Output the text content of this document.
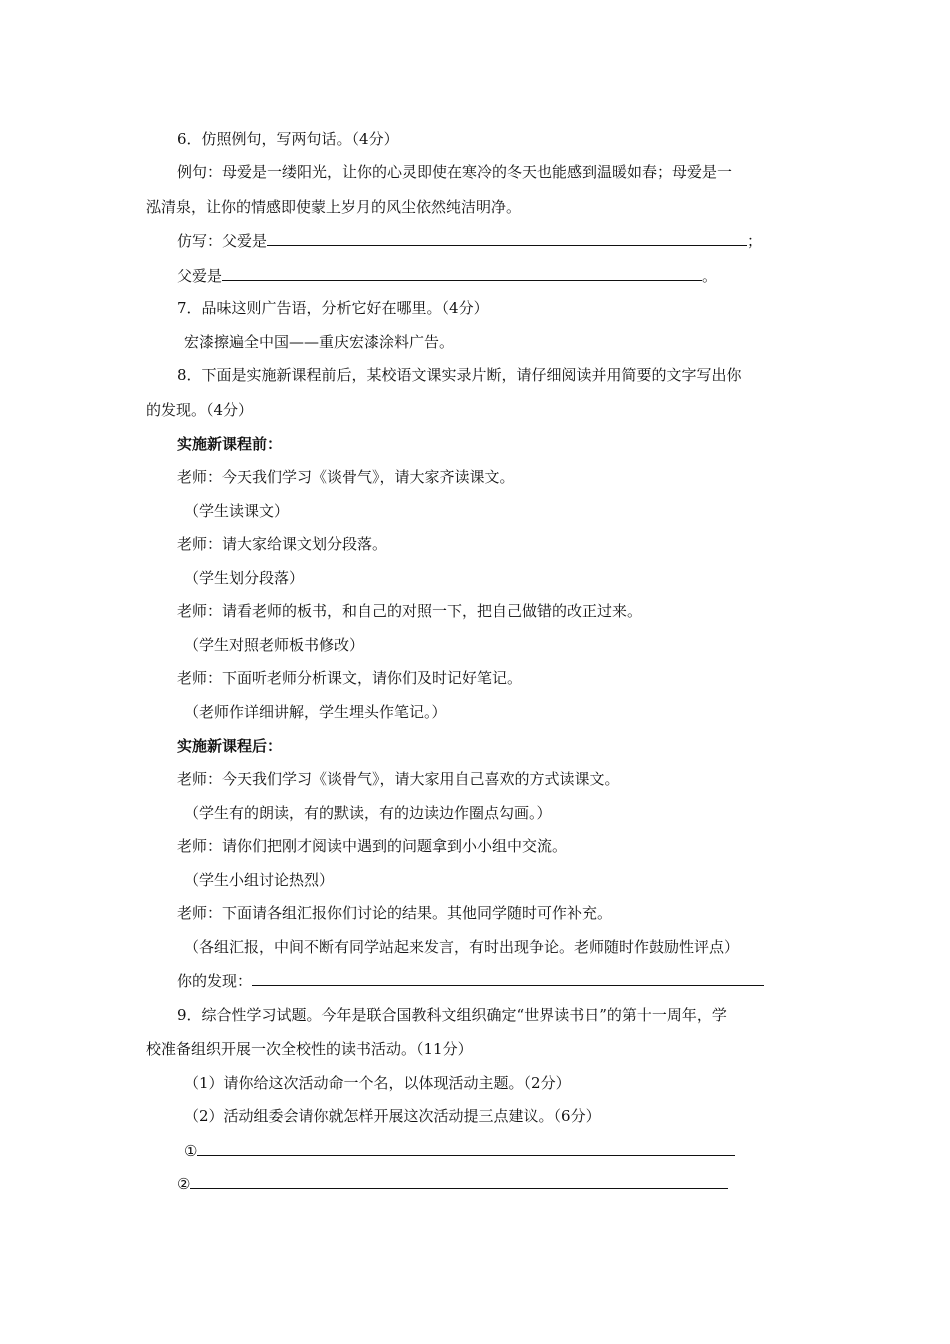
6．仿照例句，写两句话。（4分）
例句：母爱是一缕阳光，让你的心灵即使在寒冷的冬天也能感到温暖如春；母爱是一
泓清泉，让你的情感即使蒙上岁月的风尘依然纯洁明净。
仿写：父爱是	；
父爱是	。
7．品味这则广告语，分析它好在哪里。（4分）
宏漆擦遍全中国——重庆宏漆涂料广告。
8．下面是实施新课程前后，某校语文课实录片断，请仔细阅读并用简要的文字写出你
的发现。（4分）
实施新课程前：
老师：今天我们学习《谈骨气》，请大家齐读课文。
（学生读课文）
老师：请大家给课文划分段落。
（学生划分段落）
老师：请看老师的板书，和自己的对照一下，把自己做错的改正过来。
（学生对照老师板书修改）
老师：下面听老师分析课文，请你们及时记好笔记。
（老师作详细讲解，学生埋头作笔记。）
实施新课程后：
老师：今天我们学习《谈骨气》，请大家用自己喜欢的方式读课文。
（学生有的朗读，有的默读，有的边读边作圈点勾画。）
老师：请你们把刚才阅读中遇到的问题拿到小小组中交流。
（学生小组讨论热烈）
老师：下面请各组汇报你们讨论的结果。其他同学随时可作补充。
（各组汇报，中间不断有同学站起来发言，有时出现争论。老师随时作鼓励性评点）
你的发现：
9．综合性学习试题。今年是联合国教科文组织确定“世界读书日”的第十一周年，学
校准备组织开展一次全校性的读书活动。（11分）
（1）请你给这次活动命一个名，以体现活动主题。（2分）
（2）活动组委会请你就怎样开展这次活动提三点建议。（6分）
①
②
